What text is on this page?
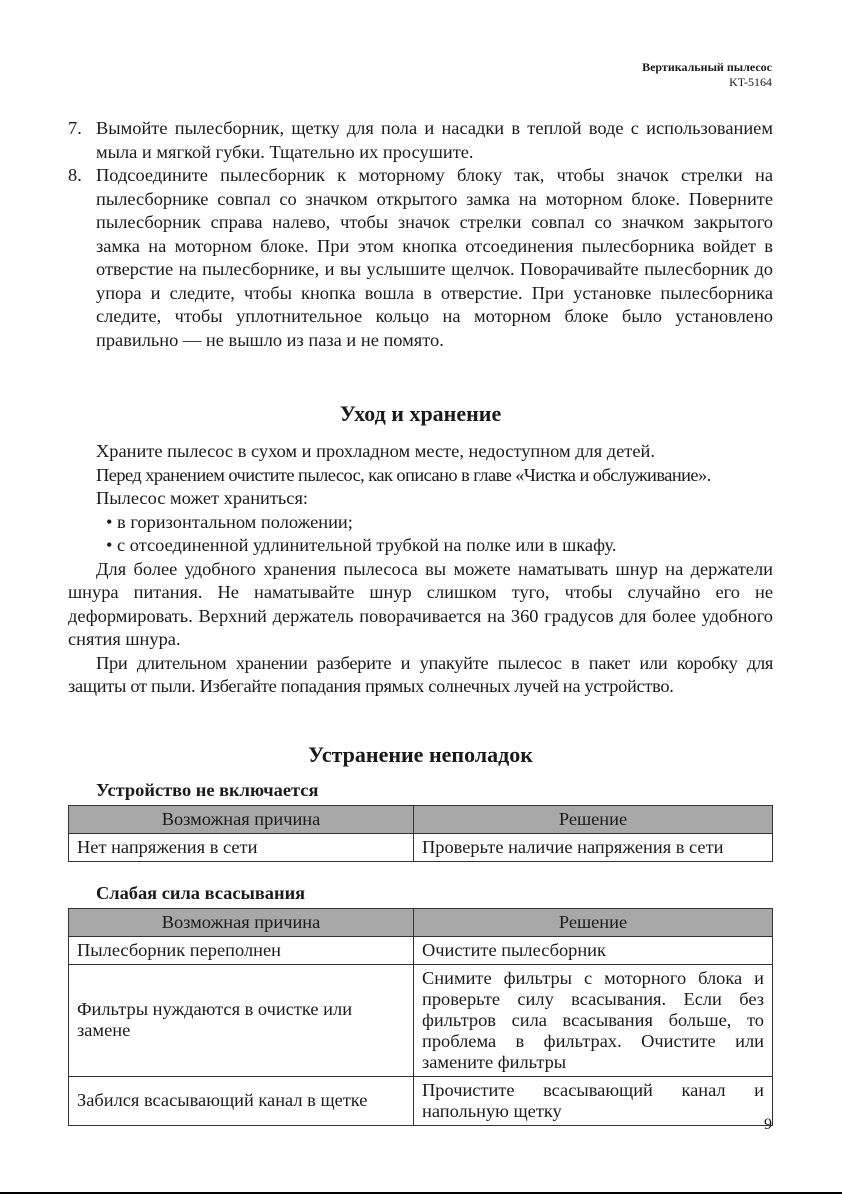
Вертикальный пылесос
KT-5164
7. Вымойте пылесборник, щетку для пола и насадки в теплой воде с использованием мыла и мягкой губки. Тщательно их просушите.

8. Подсоедините пылесборник к моторному блоку так, чтобы значок стрелки на пылесборнике совпал со значком открытого замка на моторном блоке. Поверните пылесборник справа налево, чтобы значок стрелки совпал со значком закрытого замка на моторном блоке. При этом кнопка отсоединения пылесборника войдет в отверстие на пылесборнике, и вы услышите щелчок. Поворачивайте пылесборник до упора и следите, чтобы кнопка вошла в отверстие. При установке пылесборника следите, чтобы уплотнительное кольцо на моторном блоке было установлено правильно — не вышло из паза и не помято.

Уход и хранение

Храните пылесос в сухом и прохладном месте, недоступном для детей.

Перед хранением очистите пылесос, как описано в главе «Чистка и обслуживание».

Пылесос может храниться:

• в горизонтальном положении;
• с отсоединенной удлинительной трубкой на полке или в шкафу.

Для более удобного хранения пылесоса вы можете наматывать шнур на держатели шнура питания. Не наматывайте шнур слишком туго, чтобы случайно его не деформировать. Верхний держатель поворачивается на 360 градусов для более удобного снятия шнура.

При длительном хранении разберите и упакуйте пылесос в пакет или коробку для защиты от пыли. Избегайте попадания прямых солнечных лучей на устройство.

Устранение неполадок
Устройство не включается
Возможная причина	Решение
Нет напряжения в сети	Проверьте наличие напряжения в сети
Слабая сила всасывания
Возможная причина	Решение
Пылесборник переполнен	Очистите пылесборник
Фильтры нуждаются в очистке или замене	Снимите фильтры с моторного блока и проверьте силу всасывания. Если без фильтров сила всасывания больше, то проблема в фильтрах. Очистите или замените фильтры
Забился всасывающий канал в щетке	Прочистите всасывающий канал и напольную щетку
9
